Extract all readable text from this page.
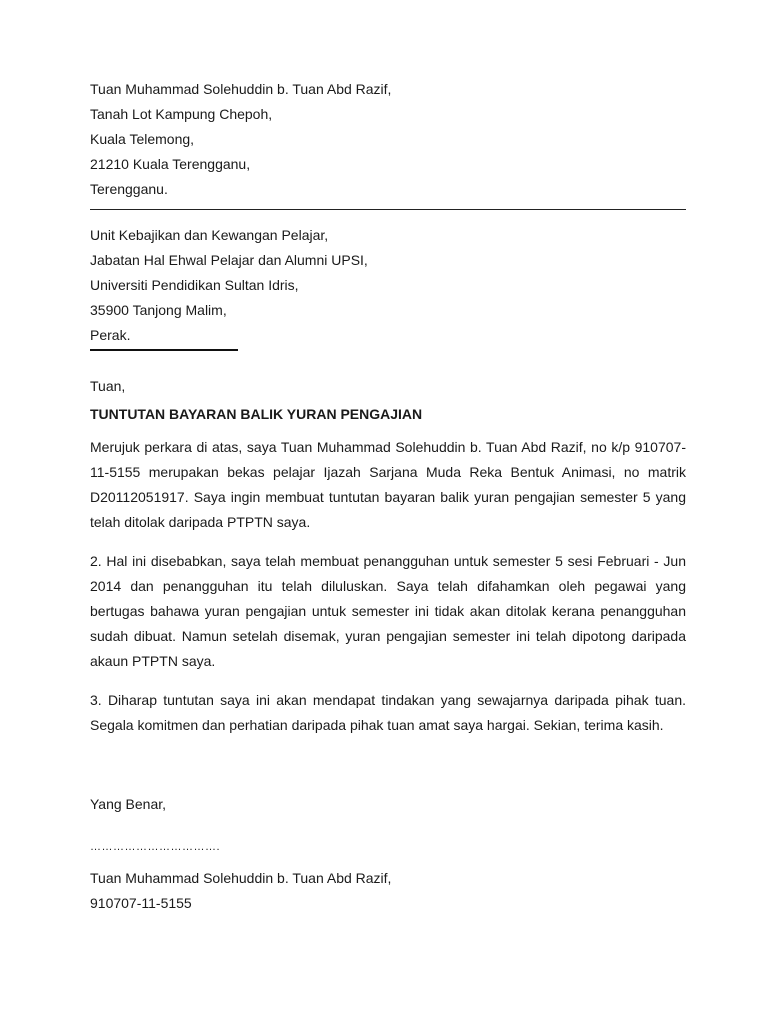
Tuan Muhammad Solehuddin b. Tuan Abd Razif,
Tanah Lot Kampung Chepoh,
Kuala Telemong,
21210 Kuala Terengganu,
Terengganu.
Unit Kebajikan dan Kewangan Pelajar,
Jabatan Hal Ehwal Pelajar dan Alumni UPSI,
Universiti Pendidikan Sultan Idris,
35900 Tanjong Malim,
Perak.
Tuan,
TUNTUTAN BAYARAN BALIK YURAN PENGAJIAN
Merujuk perkara di atas, saya Tuan Muhammad Solehuddin b. Tuan Abd Razif, no k/p 910707-
11-5155 merupakan bekas pelajar Ijazah Sarjana Muda Reka Bentuk Animasi, no matrik
D20112051917. Saya ingin membuat tuntutan bayaran balik yuran pengajian semester 5 yang
telah ditolak daripada PTPTN saya.
2. Hal ini disebabkan, saya telah membuat penangguhan untuk semester 5 sesi Februari - Jun
2014 dan penangguhan itu telah diluluskan. Saya telah difahamkan oleh pegawai yang
bertugas bahawa yuran pengajian untuk semester ini tidak akan ditolak kerana penangguhan
sudah dibuat. Namun setelah disemak, yuran pengajian semester ini telah dipotong daripada
akaun PTPTN saya.
3. Diharap tuntutan saya ini akan mendapat tindakan yang sewajarnya daripada pihak tuan.
Segala komitmen dan perhatian daripada pihak tuan amat saya hargai. Sekian, terima kasih.
Yang Benar,
…………………………….
Tuan Muhammad Solehuddin b. Tuan Abd Razif,
910707-11-5155
